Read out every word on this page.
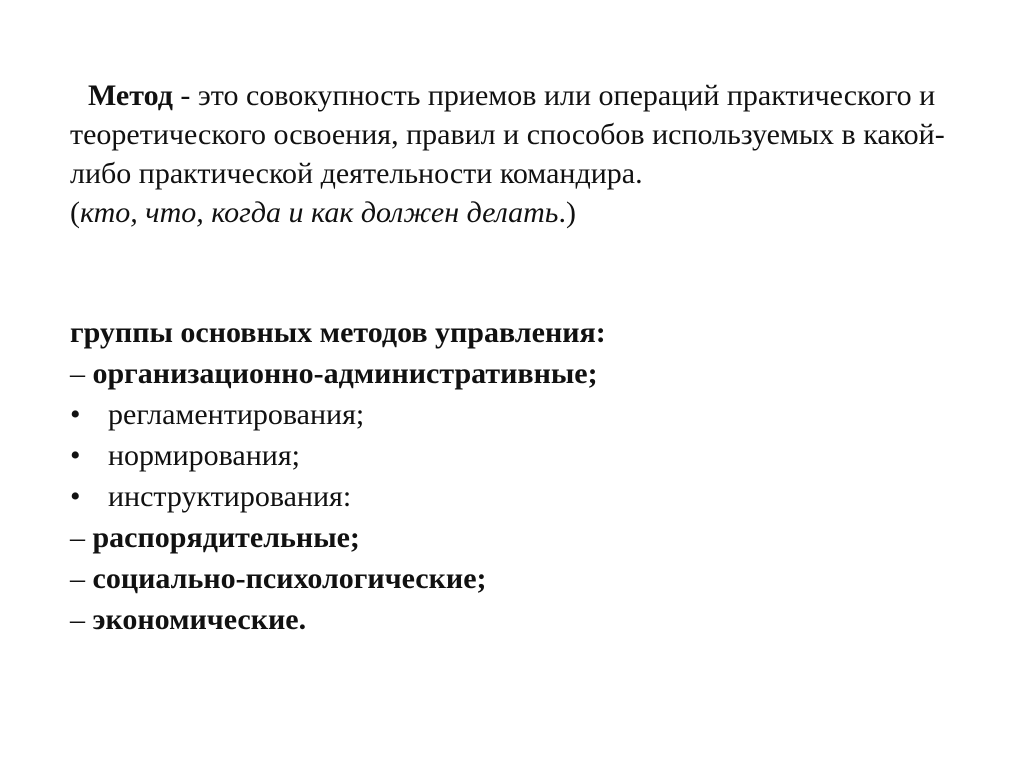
Метод - это совокупность приемов или операций практического и теоретического освоения, правил и способов используемых в какой-либо практической деятельности командира.
(кто, что, когда и как должен делать.)
группы основных методов управления:
– организационно-административные;
• регламентирования;
• нормирования;
• инструктирования:
– распорядительные;
– социально-психологические;
– экономические.
